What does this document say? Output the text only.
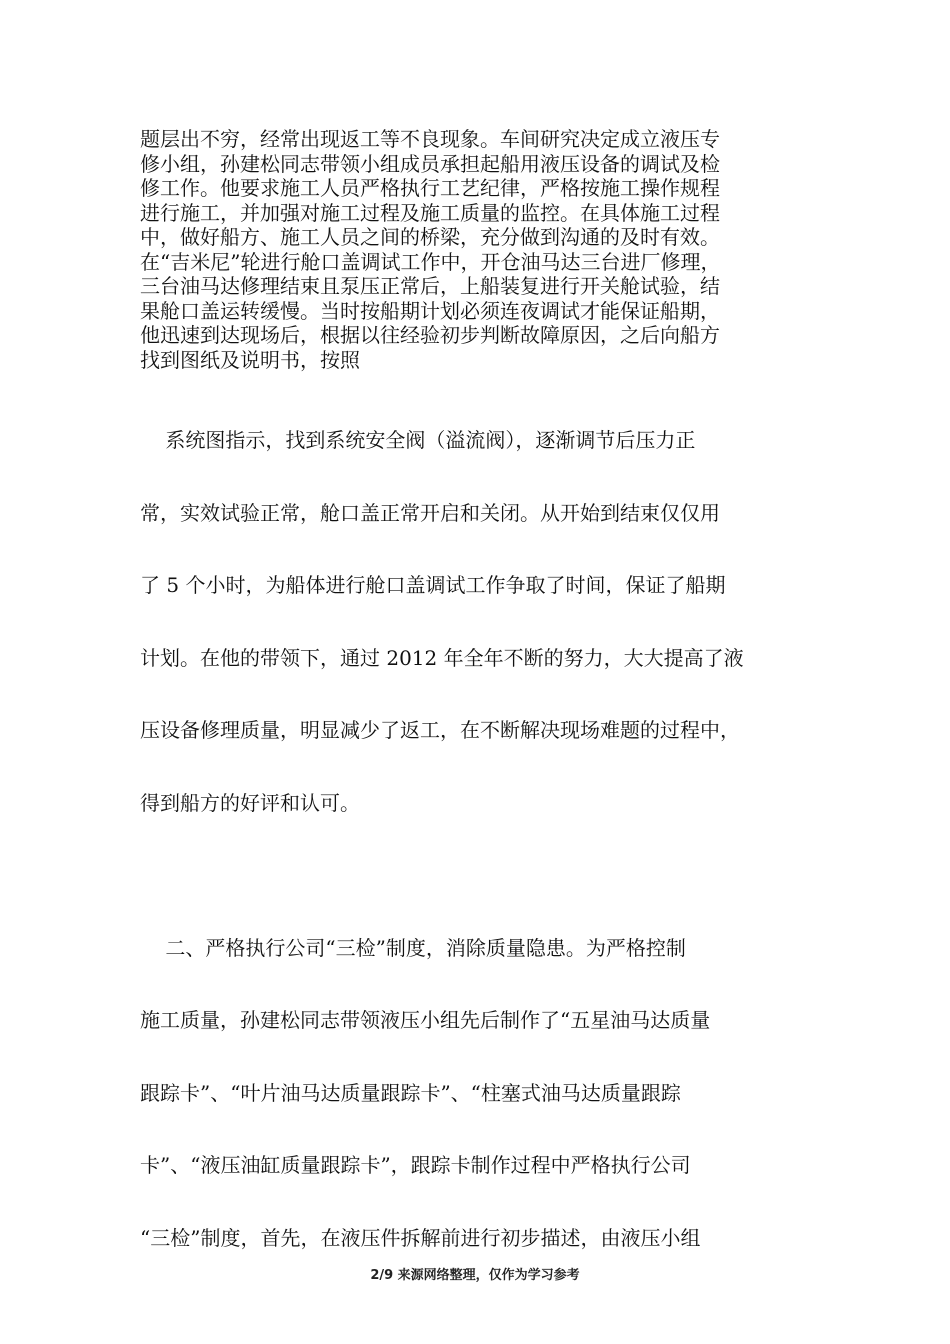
题层出不穷，经常出现返工等不良现象。车间研究决定成立液压专
修小组，孙建松同志带领小组成员承担起船用液压设备的调试及检
修工作。他要求施工人员严格执行工艺纪律，严格按施工操作规程
进行施工，并加强对施工过程及施工质量的监控。在具体施工过程
中，做好船方、施工人员之间的桥梁，充分做到沟通的及时有效。
在“吉米尼”轮进行舱口盖调试工作中，开仓油马达三台进厂修理，
三台油马达修理结束且泵压正常后，上船装复进行开关舱试验，结
果舱口盖运转缓慢。当时按船期计划必须连夜调试才能保证船期，
他迅速到达现场后，根据以往经验初步判断故障原因，之后向船方
找到图纸及说明书，按照
系统图指示，找到系统安全阀（溢流阀），逐渐调节后压力正
常，实效试验正常，舱口盖正常开启和关闭。从开始到结束仅仅用
了 5 个小时，为船体进行舱口盖调试工作争取了时间，保证了船期
计划。在他的带领下，通过 2012 年全年不断的努力，大大提高了液
压设备修理质量，明显减少了返工，在不断解决现场难题的过程中，
得到船方的好评和认可。
二、严格执行公司“三检”制度，消除质量隐患。为严格控制
施工质量，孙建松同志带领液压小组先后制作了“五星油马达质量
跟踪卡”、“叶片油马达质量跟踪卡”、“柱塞式油马达质量跟踪
卡”、“液压油缸质量跟踪卡”，跟踪卡制作过程中严格执行公司
“三检”制度，首先，在液压件拆解前进行初步描述，由液压小组
2/9 来源网络整理，仅作为学习参考
